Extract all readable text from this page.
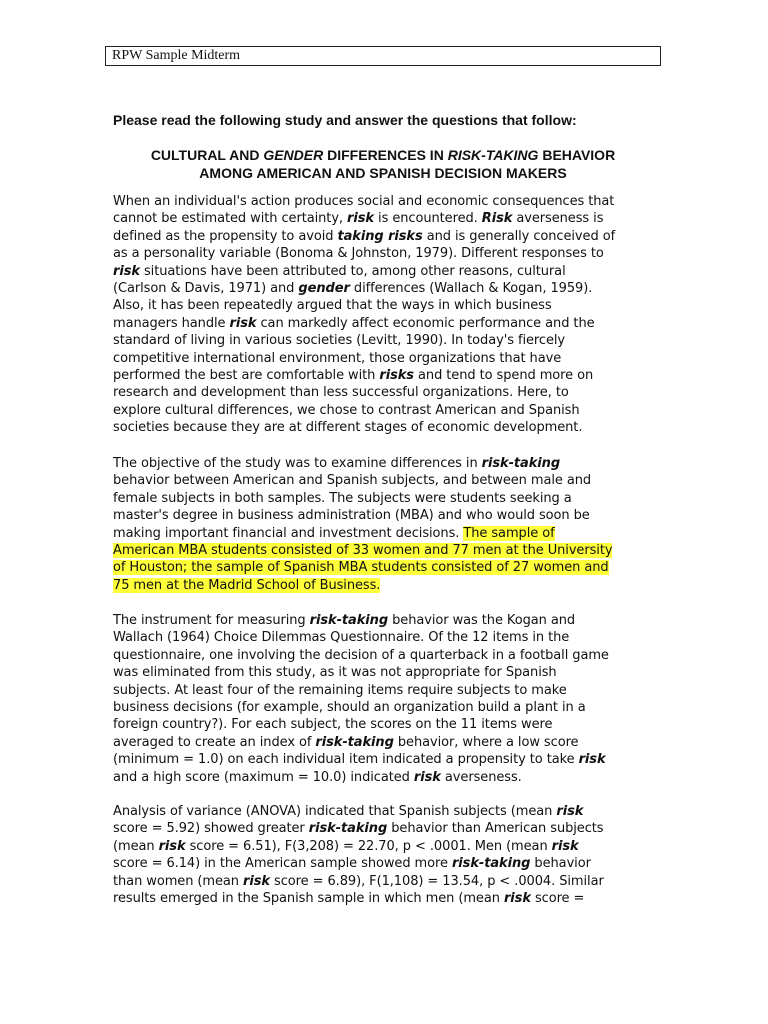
RPW Sample Midterm
Please read the following study and answer the questions that follow:
CULTURAL AND GENDER DIFFERENCES IN RISK-TAKING BEHAVIOR
AMONG AMERICAN AND SPANISH DECISION MAKERS
When an individual's action produces social and economic consequences that
cannot be estimated with certainty, risk is encountered. Risk averseness is
defined as the propensity to avoid taking risks and is generally conceived of
as a personality variable (Bonoma & Johnston, 1979). Different responses to
risk situations have been attributed to, among other reasons, cultural
(Carlson & Davis, 1971) and gender differences (Wallach & Kogan, 1959).
Also, it has been repeatedly argued that the ways in which business
managers handle risk can markedly affect economic performance and the
standard of living in various societies (Levitt, 1990). In today's fiercely
competitive international environment, those organizations that have
performed the best are comfortable with risks and tend to spend more on
research and development than less successful organizations. Here, to
explore cultural differences, we chose to contrast American and Spanish
societies because they are at different stages of economic development.
The objective of the study was to examine differences in risk-taking
behavior between American and Spanish subjects, and between male and
female subjects in both samples. The subjects were students seeking a
master's degree in business administration (MBA) and who would soon be
making important financial and investment decisions. The sample of
American MBA students consisted of 33 women and 77 men at the University
of Houston; the sample of Spanish MBA students consisted of 27 women and
75 men at the Madrid School of Business.
The instrument for measuring risk-taking behavior was the Kogan and
Wallach (1964) Choice Dilemmas Questionnaire. Of the 12 items in the
questionnaire, one involving the decision of a quarterback in a football game
was eliminated from this study, as it was not appropriate for Spanish
subjects. At least four of the remaining items require subjects to make
business decisions (for example, should an organization build a plant in a
foreign country?). For each subject, the scores on the 11 items were
averaged to create an index of risk-taking behavior, where a low score
(minimum = 1.0) on each individual item indicated a propensity to take risk
and a high score (maximum = 10.0) indicated risk averseness.
Analysis of variance (ANOVA) indicated that Spanish subjects (mean risk
score = 5.92) showed greater risk-taking behavior than American subjects
(mean risk score = 6.51), F(3,208) = 22.70, p < .0001. Men (mean risk
score = 6.14) in the American sample showed more risk-taking behavior
than women (mean risk score = 6.89), F(1,108) = 13.54, p < .0004. Similar
results emerged in the Spanish sample in which men (mean risk score =
